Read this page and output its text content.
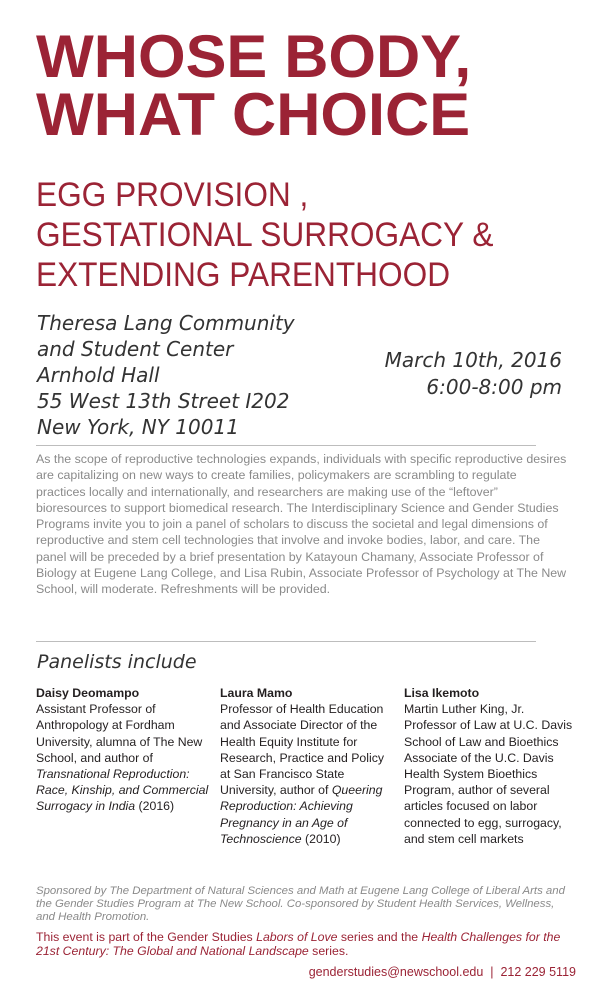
WHOSE BODY,
WHAT CHOICE
EGG PROVISION ,
GESTATIONAL SURROGACY &
EXTENDING PARENTHOOD
Theresa Lang Community
and Student Center
Arnhold Hall
55 West 13th Street I202
New York, NY 10011
March 10th, 2016
6:00-8:00 pm
As the scope of reproductive technologies expands, individuals with specific reproductive desires are capitalizing on new ways to create families, policymakers are scrambling to regulate practices locally and internationally, and researchers are making use of the “leftover” bioresources to support biomedical research. The Interdisciplinary Science and Gender Studies Programs invite you to join a panel of scholars to discuss the societal and legal dimensions of reproductive and stem cell technologies that involve and invoke bodies, labor, and care. The panel will be preceded by a brief presentation by Katayoun Chamany, Associate Professor of Biology at Eugene Lang College, and Lisa Rubin, Associate Professor of Psychology at The New School, will moderate. Refreshments will be provided.
Panelists include
Daisy Deomampo
Assistant Professor of Anthropology at Fordham University, alumna of The New School, and author of Transnational Reproduction: Race, Kinship, and Commercial Surrogacy in India (2016)
Laura Mamo
Professor of Health Education and Associate Director of the Health Equity Institute for Research, Practice and Policy at San Francisco State University, author of Queering Reproduction: Achieving Pregnancy in an Age of Technoscience (2010)
Lisa Ikemoto
Martin Luther King, Jr. Professor of Law at U.C. Davis School of Law and Bioethics Associate of the U.C. Davis Health System Bioethics Program, author of several articles focused on labor connected to egg, surrogacy, and stem cell markets
Sponsored by The Department of Natural Sciences and Math at Eugene Lang College of Liberal Arts and the Gender Studies Program at The New School. Co-sponsored by Student Health Services, Wellness, and Health Promotion.
This event is part of the Gender Studies Labors of Love series and the Health Challenges for the 21st Century: The Global and National Landscape series.
genderstudies@newschool.edu  |  212 229 5119
